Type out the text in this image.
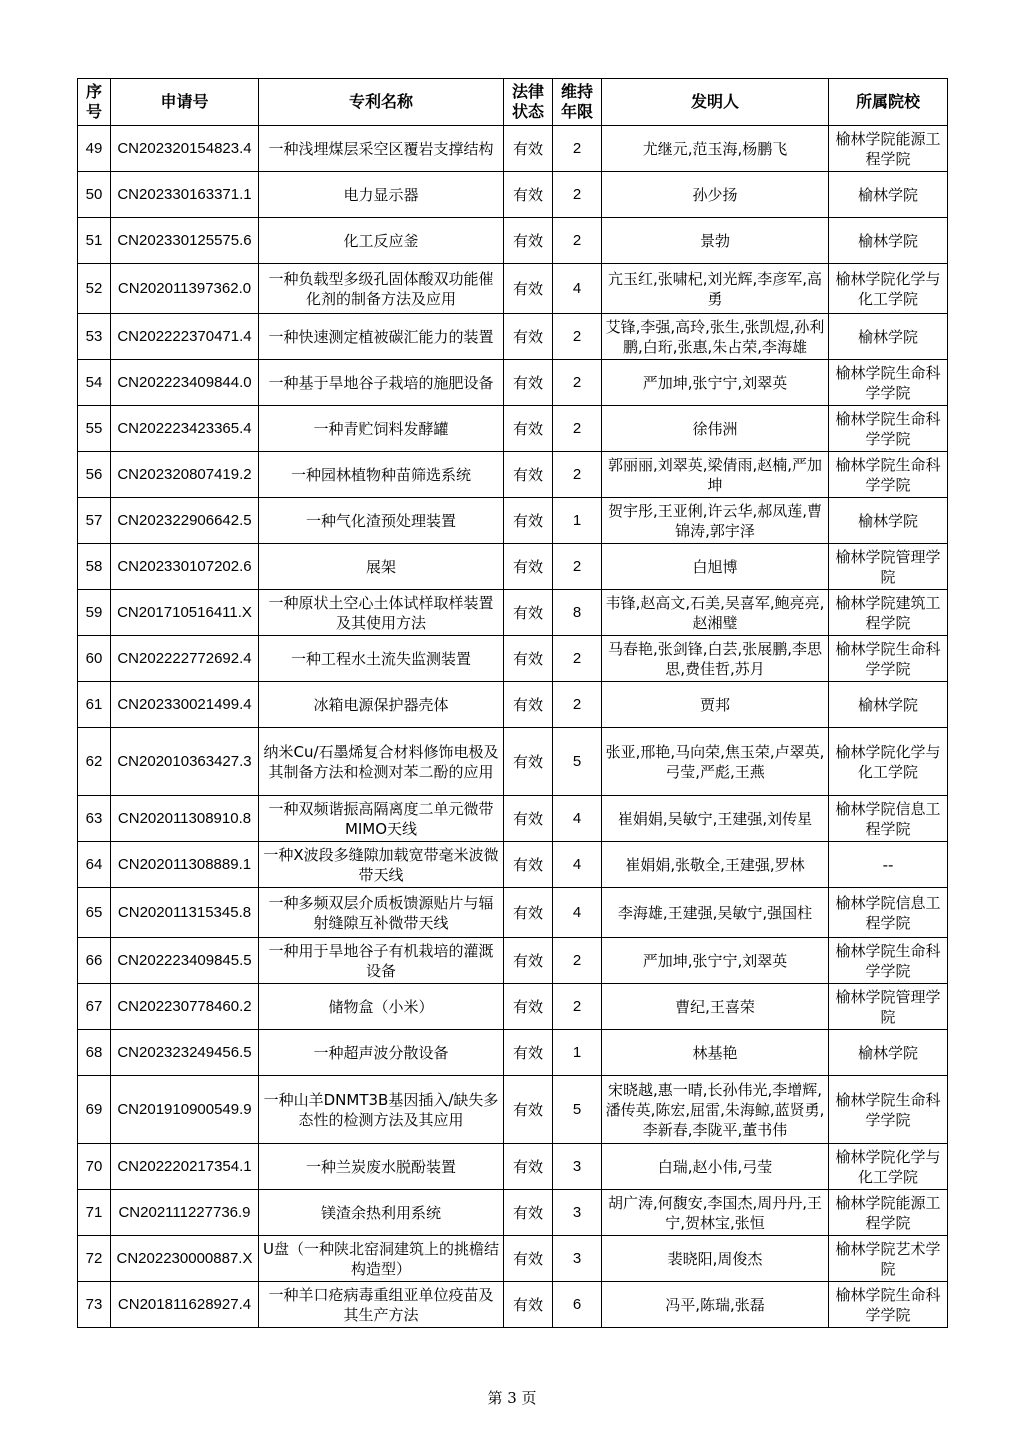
序号	申请号	专利名称	法律状态	维持年限	发明人	所属院校
49	CN202320154823.4	一种浅埋煤层采空区覆岩支撑结构	有效	2	尤继元,范玉海,杨鹏飞	榆林学院能源工程学院
50	CN202330163371.1	电力显示器	有效	2	孙少扬	榆林学院
51	CN202330125575.6	化工反应釜	有效	2	景勃	榆林学院
52	CN202011397362.0	一种负载型多级孔固体酸双功能催化剂的制备方法及应用	有效	4	亢玉红,张啸杞,刘光辉,李彦军,高勇	榆林学院化学与化工学院
53	CN202222370471.4	一种快速测定植被碳汇能力的装置	有效	2	艾锋,李强,高玲,张生,张凯煜,孙利鹏,白珩,张惠,朱占荣,李海雄	榆林学院
54	CN202223409844.0	一种基于旱地谷子栽培的施肥设备	有效	2	严加坤,张宁宁,刘翠英	榆林学院生命科学学院
55	CN202223423365.4	一种青贮饲料发酵罐	有效	2	徐伟洲	榆林学院生命科学学院
56	CN202320807419.2	一种园林植物种苗筛选系统	有效	2	郭丽丽,刘翠英,梁倩雨,赵楠,严加坤	榆林学院生命科学学院
57	CN202322906642.5	一种气化渣预处理装置	有效	1	贺宇彤,王亚俐,许云华,郝凤莲,曹锦涛,郭宇泽	榆林学院
58	CN202330107202.6	展架	有效	2	白旭博	榆林学院管理学院
59	CN201710516411.X	一种原状土空心土体试样取样装置及其使用方法	有效	8	韦锋,赵高文,石美,吴喜军,鲍亮亮,赵湘璧	榆林学院建筑工程学院
60	CN202222772692.4	一种工程水土流失监测装置	有效	2	马春艳,张剑锋,白芸,张展鹏,李思思,费佳哲,苏月	榆林学院生命科学学院
61	CN202330021499.4	冰箱电源保护器壳体	有效	2	贾邦	榆林学院
62	CN202010363427.3	纳米Cu/石墨烯复合材料修饰电极及其制备方法和检测对苯二酚的应用	有效	5	张亚,邢艳,马向荣,焦玉荣,卢翠英,弓莹,严彪,王燕	榆林学院化学与化工学院
63	CN202011308910.8	一种双频谐振高隔离度二单元微带MIMO天线	有效	4	崔娟娟,吴敏宁,王建强,刘传星	榆林学院信息工程学院
64	CN202011308889.1	一种X波段多缝隙加载宽带毫米波微带天线	有效	4	崔娟娟,张敬全,王建强,罗林	--
65	CN202011315345.8	一种多频双层介质板馈源贴片与辐射缝隙互补微带天线	有效	4	李海雄,王建强,吴敏宁,强国柱	榆林学院信息工程学院
66	CN202223409845.5	一种用于旱地谷子有机栽培的灌溉设备	有效	2	严加坤,张宁宁,刘翠英	榆林学院生命科学学院
67	CN202230778460.2	储物盒（小米）	有效	2	曹纪,王喜荣	榆林学院管理学院
68	CN202323249456.5	一种超声波分散设备	有效	1	林基艳	榆林学院
69	CN201910900549.9	一种山羊DNMT3B基因插入/缺失多态性的检测方法及其应用	有效	5	宋晓越,惠一晴,长孙伟光,李增辉,潘传英,陈宏,屈雷,朱海鲸,蓝贤勇,李新春,李陇平,董书伟	榆林学院生命科学学院
70	CN202220217354.1	一种兰炭废水脱酚装置	有效	3	白瑞,赵小伟,弓莹	榆林学院化学与化工学院
71	CN202111227736.9	镁渣余热利用系统	有效	3	胡广涛,何馥安,李国杰,周丹丹,王宁,贺林宝,张恒	榆林学院能源工程学院
72	CN202230000887.X	U盘（一种陕北窑洞建筑上的挑檐结构造型）	有效	3	裴晓阳,周俊杰	榆林学院艺术学院
73	CN201811628927.4	一种羊口疮病毒重组亚单位疫苗及其生产方法	有效	6	冯平,陈瑞,张磊	榆林学院生命科学学院
第 3 页
